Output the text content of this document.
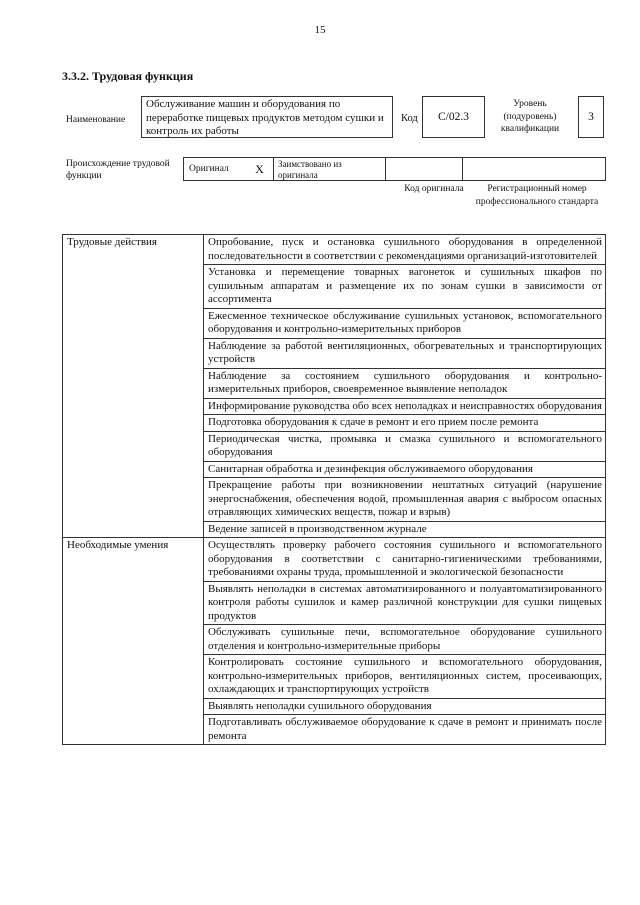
15
3.3.2. Трудовая функция
Наименование
Обслуживание машин и оборудования по переработке пищевых продуктов методом сушки и контроль их работы
Код	С/02.3
Уровень (подуровень) квалификации
3
Происхождение трудовой функции
Оригинал	X	Заимствовано из оригинала
Код оригинала	Регистрационный номер профессионального стандарта
Трудовые действия	Опробование, пуск и остановка сушильного оборудования в определенной последовательности в соответствии с рекомендациями организаций-изготовителей
	Установка и перемещение товарных вагонеток и сушильных шкафов по сушильным аппаратам и размещение их по зонам сушки в зависимости от ассортимента
	Ежесменное техническое обслуживание сушильных установок, вспомогательного оборудования и контрольно-измерительных приборов
	Наблюдение за работой вентиляционных, обогревательных и транспортирующих устройств
	Наблюдение за состоянием сушильного оборудования и контрольно-измерительных приборов, своевременное выявление неполадок
	Информирование руководства обо всех неполадках и неисправностях оборудования
	Подготовка оборудования к сдаче в ремонт и его прием после ремонта
	Периодическая чистка, промывка и смазка сушильного и вспомогательного оборудования
	Санитарная обработка и дезинфекция обслуживаемого оборудования
	Прекращение работы при возникновении нештатных ситуаций (нарушение энергоснабжения, обеспечения водой, промышленная авария с выбросом опасных отравляющих химических веществ, пожар и взрыв)
	Ведение записей в производственном журнале
Необходимые умения	Осуществлять проверку рабочего состояния сушильного и вспомогательного оборудования в соответствии с санитарно-гигиеническими требованиями, требованиями охраны труда, промышленной и экологической безопасности
	Выявлять неполадки в системах автоматизированного и полуавтоматизированного контроля работы сушилок и камер различной конструкции для сушки пищевых продуктов
	Обслуживать сушильные печи, вспомогательное оборудование сушильного отделения и контрольно-измерительные приборы
	Контролировать состояние сушильного и вспомогательного оборудования, контрольно-измерительных приборов, вентиляционных систем, просеивающих, охлаждающих и транспортирующих устройств
	Выявлять неполадки сушильного оборудования
	Подготавливать обслуживаемое оборудование к сдаче в ремонт и принимать после ремонта
